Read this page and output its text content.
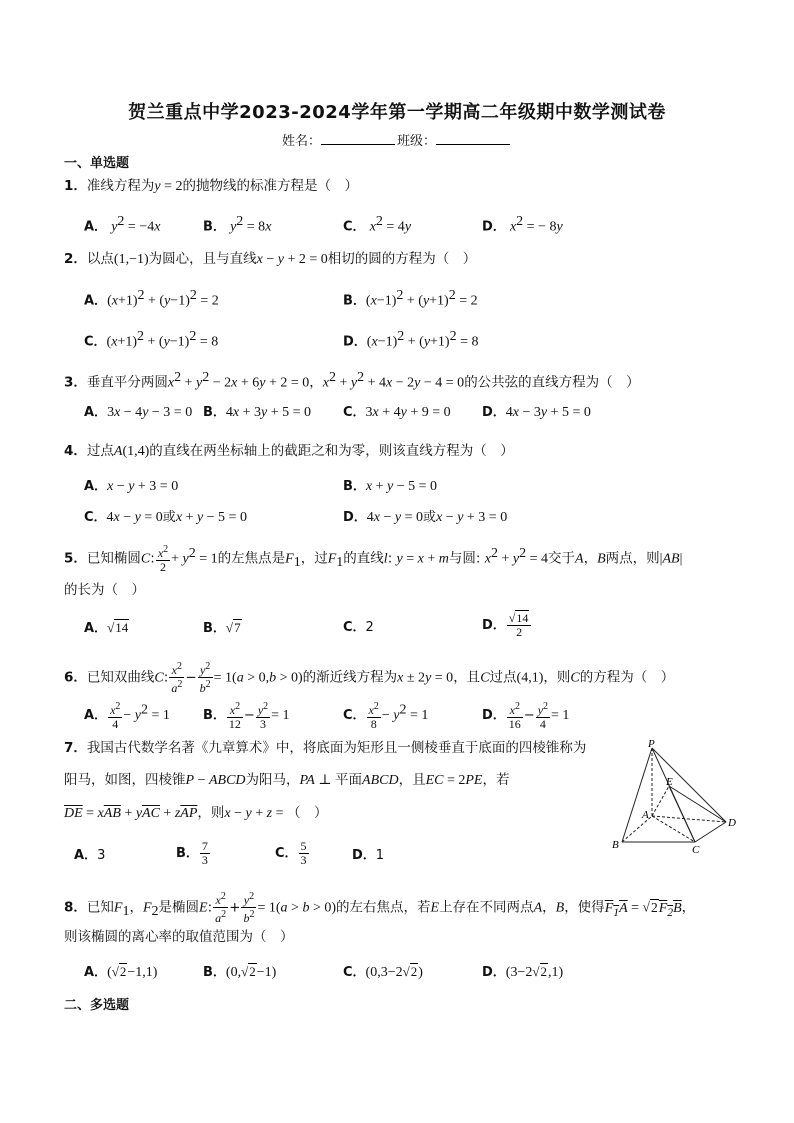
贺兰重点中学2023-2024学年第一学期高二年级期中数学测试卷
姓名：	班级：
一、单选题
1．准线方程为y = 2的抛物线的标准方程是（　）
A． $y^2 = -4x$	B． $y^2 = 8x$	C． $x^2 = 4y$	D． $x^2$ = − 8y
2．以点(1,−1)为圆心，且与直线x − y + 2 = 0相切的圆的方程为（　）
A．$(x+1)^2 + (y-1)^2 = 2$	B．$(x-1)^2 + (y+1)^2 = 2$
C．$(x+1)^2 + (y-1)^2 = 8$	D．$(x-1)^2 + (y+1)^2 = 8$
3．垂直平分两圆$x^2 + y^2 - 2x + 6y + 2 = 0$，$x^2 + y^2 + 4x - 2y - 4 = 0$的公共弦的直线方程为（　）
A．3x − 4y − 3 = 0 B．4x + 3y + 5 = 0 C．3x + 4y + 9 = 0 D．4x − 3y + 5 = 0
4．过点A(1,4)的直线在两坐标轴上的截距之和为零，则该直线方程为（　）
A．x − y + 3 = 0	B．x + y − 5 = 0
C．4x − y = 0或x + y − 5 = 0	D．4x − y = 0或x − y + 3 = 0
5．已知椭圆C: $\frac{x^2}{2} + y^2 = 1$的左焦点是$F_1$，过$F_1$的直线l: y = x + m与圆: $x^2 + y^2 = 4$交于A，B两点，则|AB|
的长为（　）
A．√14	B．√7	C．2	D． $\frac{√14}{2}$
6．已知双曲线C: $\frac{x^2}{a^2} - \frac{y^2}{b^2} = 1(a > 0,b > 0)$的渐近线方程为x ± 2y = 0，且C过点(4,1)，则C的方程为（　）
A． $\frac{x^2}{4} - y^2 = 1$	B． $\frac{x^2}{12} - \frac{y^2}{3} = 1$	C． $\frac{x^2}{8} - y^2 = 1$	D． $\frac{x^2}{16} - \frac{y^2}{4} = 1$
7．我国古代数学名著《九章算术》中，将底面为矩形且一侧棱垂直于底面的四棱锥称为
阳马，如图，四棱锥P − ABCD为阳马，PA ⊥ 平面ABCD，且EC = 2PE，若
$\overline{DE} = x\overline{AB} + y\overline{AC} + z\overline{AP}$，则x − y + z = （　）
A．3	B． $\frac{7}{3}$	C． $\frac{5}{3}$	D．1
P
E
A
D
B	C
8．已知$F_1$，$F_2$是椭圆E: $\frac{x^2}{a^2} + \frac{y^2}{b^2} = 1(a > b > 0)$的左右焦点，若E上存在不同两点A，B，使得$F_1A = √2F_2B$，
则该椭圆的离心率的取值范围为（　）
A．(√2−1,1)	B．(0,√2−1)	C．(0,3−2√2)	D．(3−2√2,1)
二、多选题
